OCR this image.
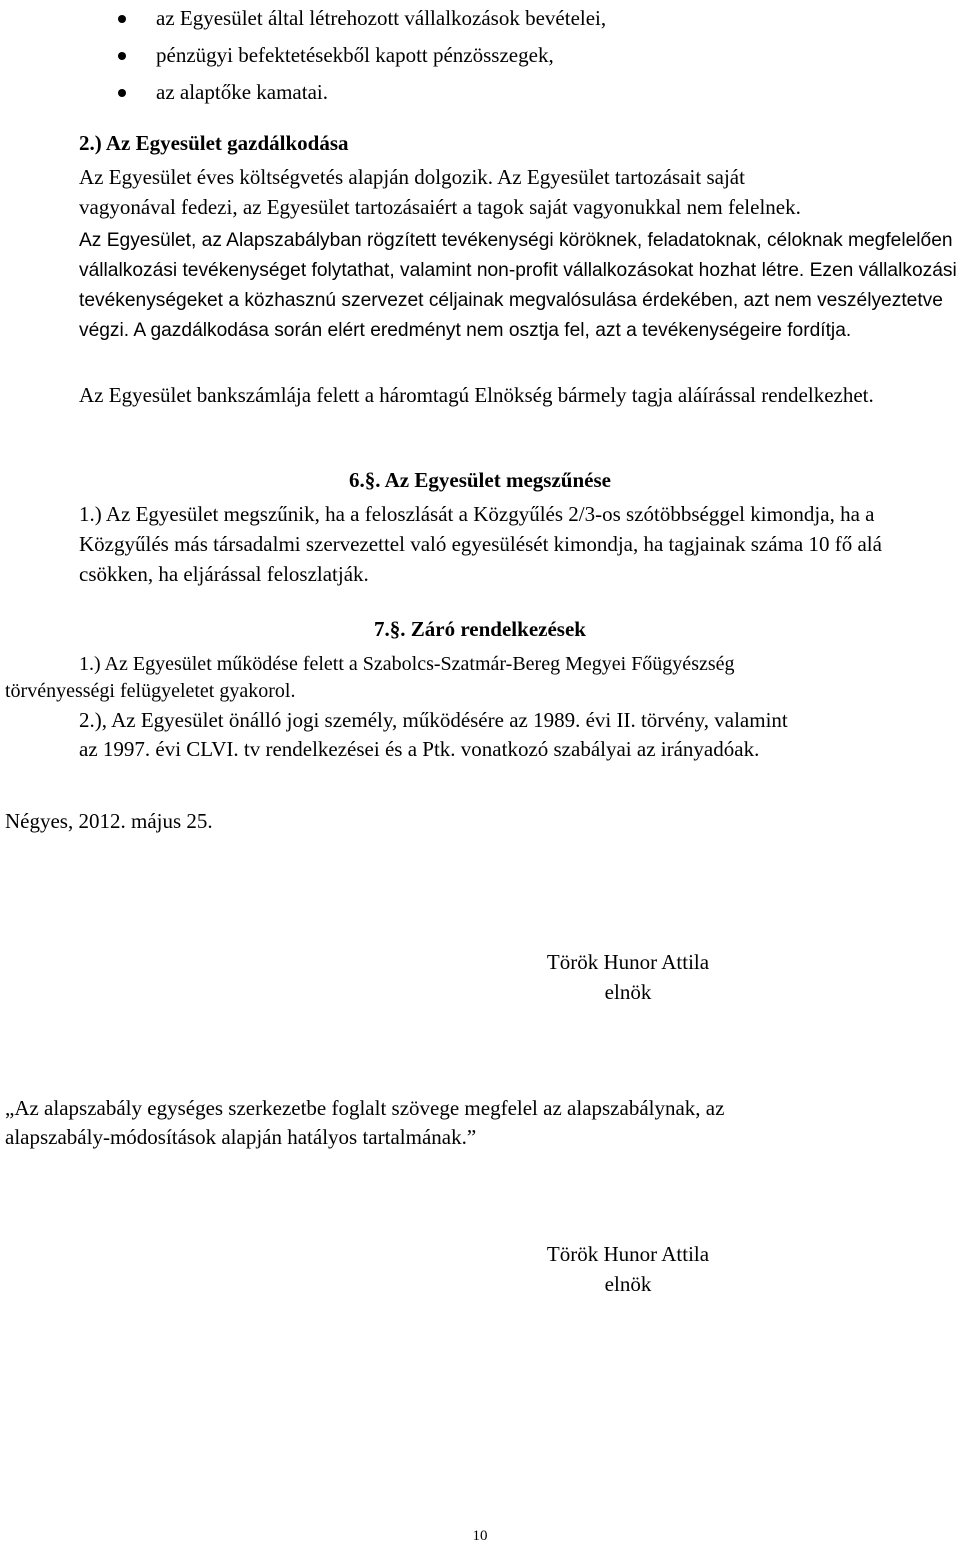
az Egyesület által létrehozott vállalkozások bevételei,
pénzügyi befektetésekből kapott pénzösszegek,
az alaptőke kamatai.
2.) Az Egyesület gazdálkodása
Az Egyesület éves költségvetés alapján dolgozik. Az Egyesület tartozásait saját
vagyonával fedezi, az Egyesület tartozásaiért a tagok saját vagyonukkal nem felelnek.

Az Egyesület, az Alapszabályban rögzített tevékenységi köröknek, feladatoknak, céloknak megfelelően vállalkozási tevékenységet folytathat, valamint non-profit vállalkozásokat hozhat létre. Ezen vállalkozási tevékenységeket a közhasznú szervezet céljainak megvalósulása érdekében, azt nem veszélyeztetve végzi. A gazdálkodása során elért eredményt nem osztja fel, azt a tevékenységeire fordítja.

Az Egyesület bankszámlája felett a háromtagú Elnökség bármely tagja aláírással rendelkezhet.

6.§. Az Egyesület megszűnése

1.) Az Egyesület megszűnik, ha a feloszlását a Közgyűlés 2/3-os szótöbbséggel kimondja, ha a Közgyűlés más társadalmi szervezettel való egyesülését kimondja, ha tagjainak száma 10 fő alá csökken, ha eljárással feloszlatják.

7.§. Záró rendelkezések
1.) Az Egyesület működése felett a Szabolcs-Szatmár-Bereg Megyei Főügyészség
törvényességi felügyeletet gyakorol.
2.), Az Egyesület önálló jogi személy, működésére az 1989. évi II. törvény, valamint
az 1997. évi CLVI. tv rendelkezései és a Ptk. vonatkozó szabályai az irányadóak.
Négyes, 2012. május 25.
Török Hunor Attila
elnök
„Az alapszabály egységes szerkezetbe foglalt szövege megfelel az alapszabálynak, az
alapszabály-módosítások alapján hatályos tartalmának.”
Török Hunor Attila
elnök
10
